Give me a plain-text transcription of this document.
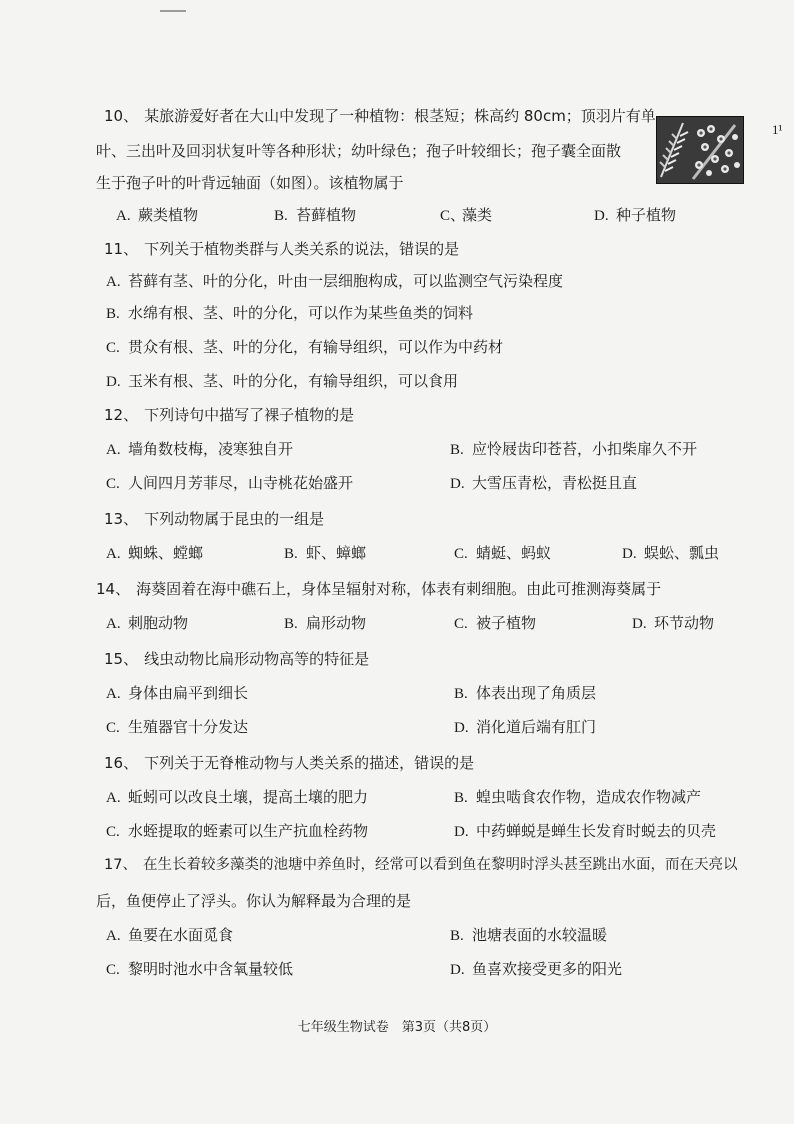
10、 某旅游爱好者在大山中发现了一种植物：根茎短；株高约 80cm；顶羽片有单
叶、三出叶及回羽状复叶等各种形状；幼叶绿色；孢子叶较细长；孢子囊全面散
生于孢子叶的叶背远轴面（如图）。该植物属于
1¹
A. 蕨类植物	B. 苔藓植物	C、藻类	D. 种子植物
11、 下列关于植物类群与人类关系的说法，错误的是
A. 苔藓有茎、叶的分化，叶由一层细胞构成，可以监测空气污染程度
B. 水绵有根、茎、叶的分化，可以作为某些鱼类的饲料
C. 贯众有根、茎、叶的分化，有输导组织，可以作为中药材
D. 玉米有根、茎、叶的分化，有输导组织，可以食用
12、 下列诗句中描写了裸子植物的是
A. 墙角数枝梅，凌寒独自开	B. 应怜屐齿印苍苔，小扣柴扉久不开
C. 人间四月芳菲尽，山寺桃花始盛开	D. 大雪压青松，青松挺且直
13、 下列动物属于昆虫的一组是
A. 蜘蛛、螳螂	B. 虾、蟑螂	C. 蜻蜓、蚂蚁	D. 蜈蚣、瓢虫
14、 海葵固着在海中礁石上，身体呈辐射对称，体表有刺细胞。由此可推测海葵属于
A. 刺胞动物	B. 扁形动物	C. 被子植物	D. 环节动物
15、 线虫动物比扁形动物高等的特征是
A. 身体由扁平到细长	B. 体表出现了角质层
C. 生殖器官十分发达	D. 消化道后端有肛门
16、 下列关于无脊椎动物与人类关系的描述，错误的是
A. 蚯蚓可以改良土壤，提高土壤的肥力	B. 蝗虫啮食农作物，造成农作物减产
C. 水蛭提取的蛭素可以生产抗血栓药物	D. 中药蝉蜕是蝉生长发育时蜕去的贝壳
17、 在生长着较多藻类的池塘中养鱼时，经常可以看到鱼在黎明时浮头甚至跳出水面，而在天亮以
后，鱼便停止了浮头。你认为解释最为合理的是
A. 鱼要在水面觅食	B. 池塘表面的水较温暖
C. 黎明时池水中含氧量较低	D. 鱼喜欢接受更多的阳光
七年级生物试卷　第3页（共8页）
